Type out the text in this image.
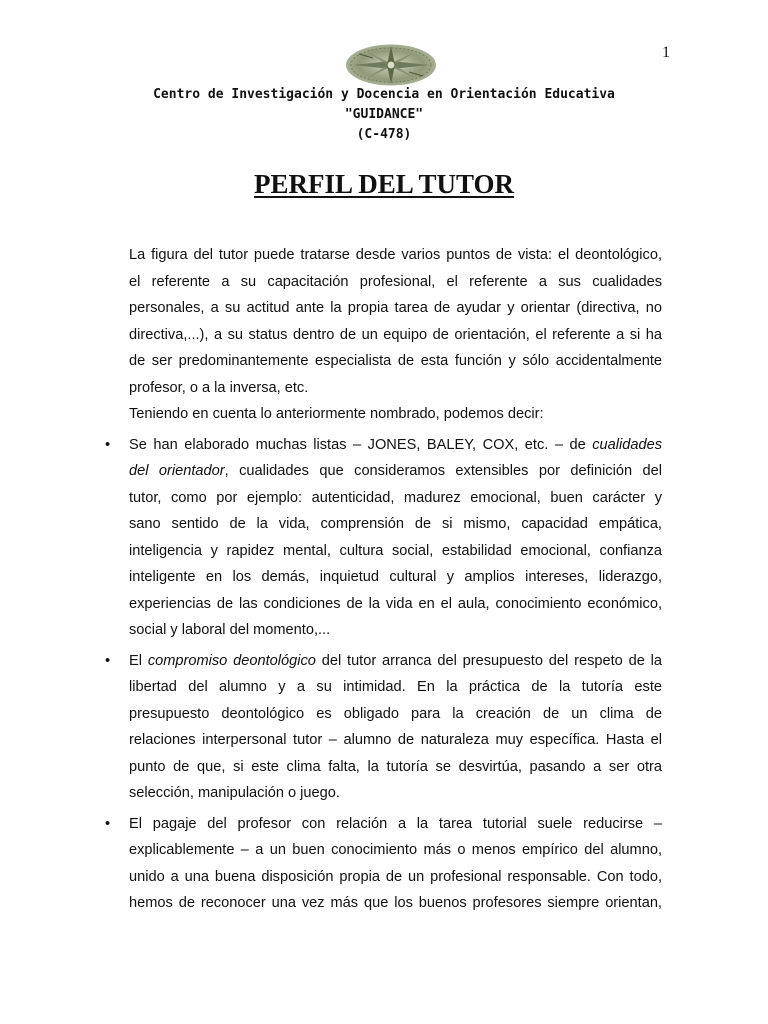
1
Centro de Investigación y Docencia en Orientación Educativa
"GUIDANCE"
(C-478)
PERFIL DEL TUTOR
La figura del tutor puede tratarse desde varios puntos de vista: el deontológico,
el referente a su capacitación profesional, el referente a sus cualidades
personales, a su actitud ante la propia tarea de ayudar y orientar (directiva, no
directiva,...), a su status dentro de un equipo de orientación, el referente a si ha
de ser predominantemente especialista de esta función y sólo accidentalmente
profesor, o a la inversa, etc.
Teniendo en cuenta lo anteriormente nombrado, podemos decir:
•	Se han elaborado muchas listas – JONES, BALEY, COX, etc. – de cualidades
del orientador, cualidades que consideramos extensibles por definición del
tutor, como por ejemplo: autenticidad, madurez emocional, buen carácter y
sano sentido de la vida, comprensión de si mismo, capacidad empática,
inteligencia y rapidez mental, cultura social, estabilidad emocional, confianza
inteligente en los demás, inquietud cultural y amplios intereses, liderazgo,
experiencias de las condiciones de la vida en el aula, conocimiento económico,
social y laboral del momento,...
•	El compromiso deontológico del tutor arranca del presupuesto del respeto de la
libertad del alumno y a su intimidad. En la práctica de la tutoría este
presupuesto deontológico es obligado para la creación de un clima de
relaciones interpersonal tutor – alumno de naturaleza muy específica. Hasta el
punto de que, si este clima falta, la tutoría se desvirtúa, pasando a ser otra
selección, manipulación o juego.
•	El pagaje del profesor con relación a la tarea tutorial suele reducirse –
explicablemente – a un buen conocimiento más o menos empírico del alumno,
unido a una buena disposición propia de un profesional responsable. Con todo,
hemos de reconocer una vez más que los buenos profesores siempre orientan,
